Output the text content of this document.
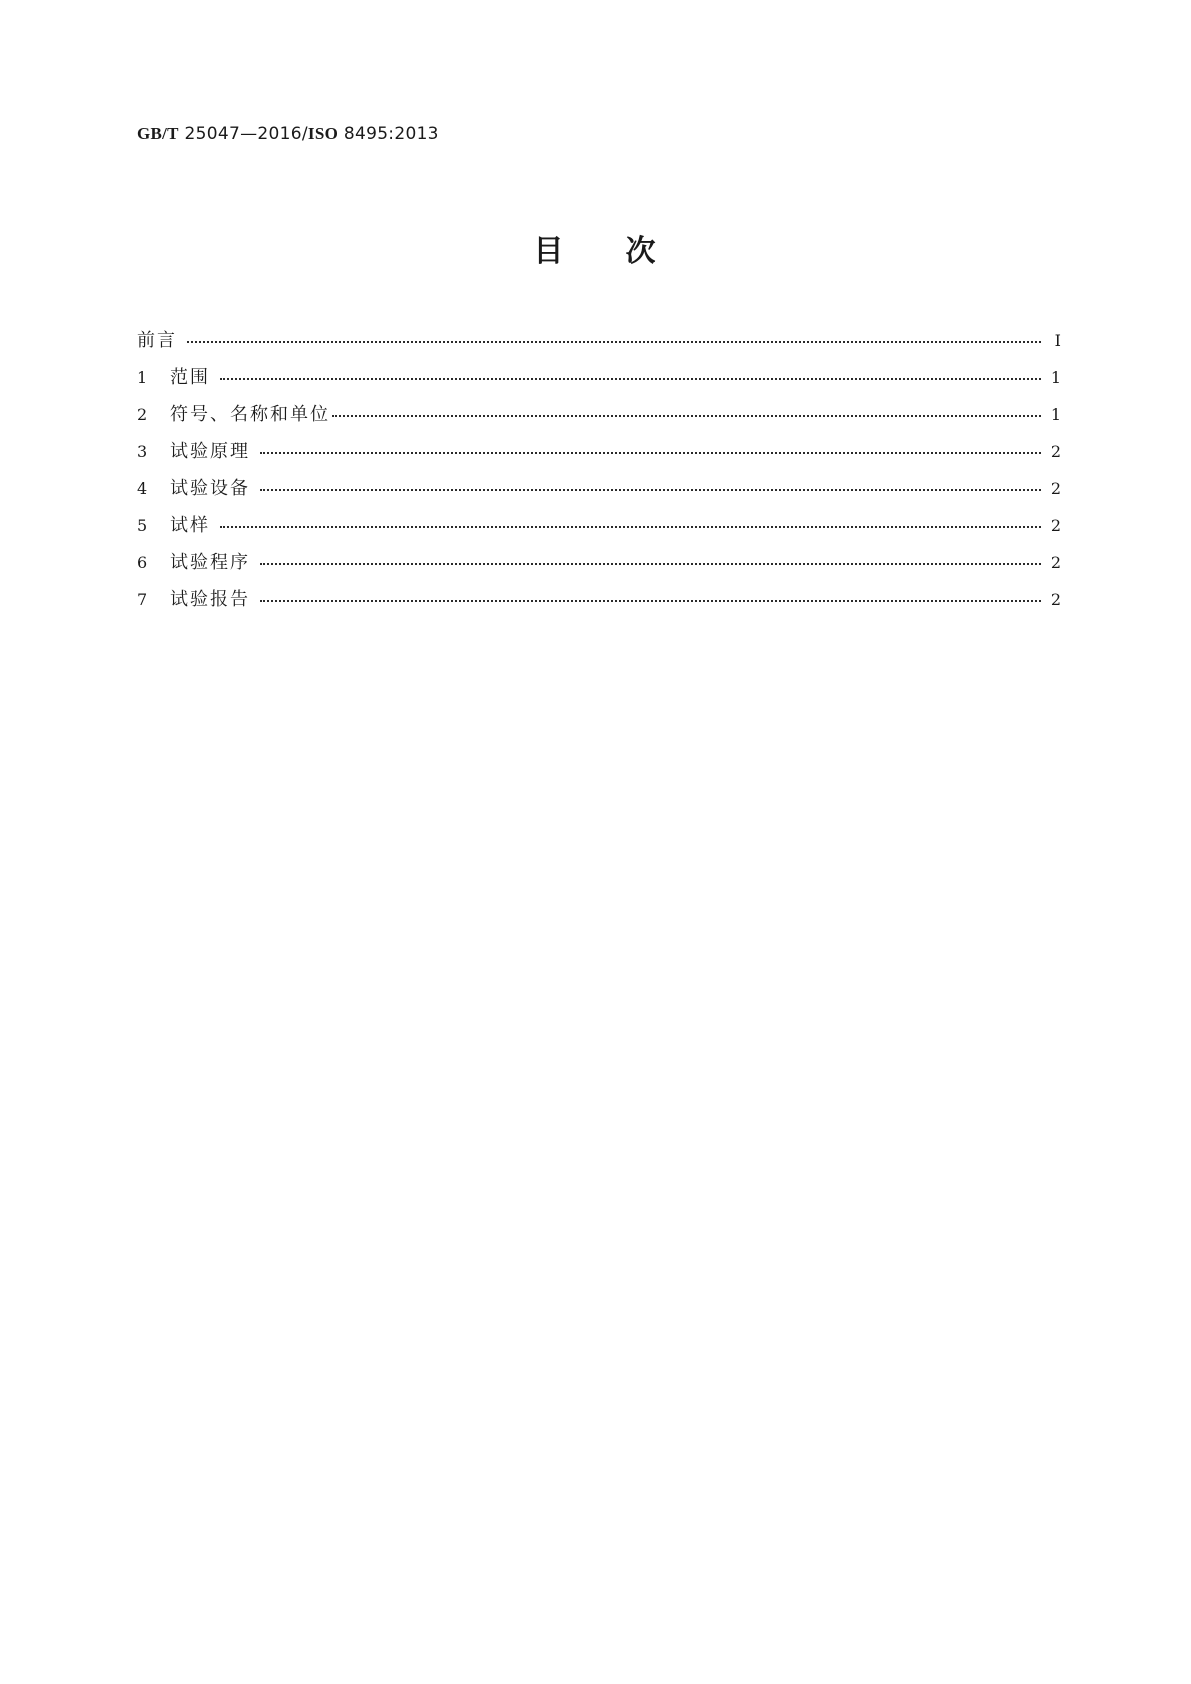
GB/T 25047—2016/ISO 8495:2013
目 次
前言	Ⅰ
1	范围	1
2	符号、名称和单位	1
3	试验原理	2
4	试验设备	2
5	试样	2
6	试验程序	2
7	试验报告	2
